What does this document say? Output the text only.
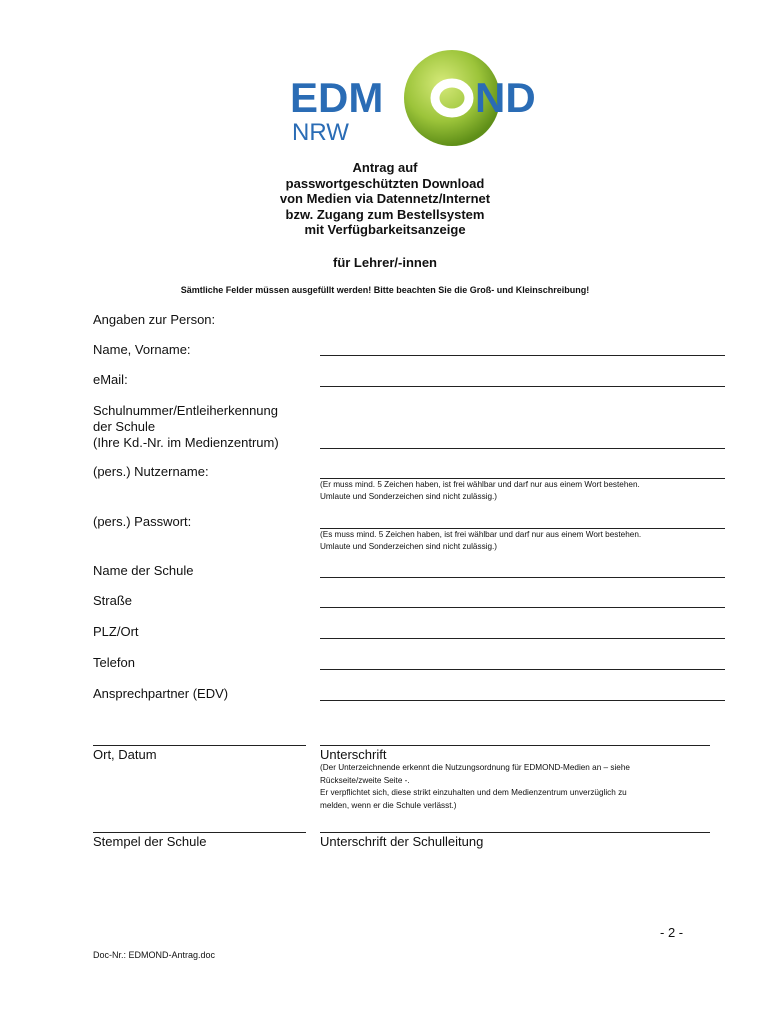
EDM ND
NRW
Antrag auf
passwortgeschützten Download
von Medien via Datennetz/Internet
bzw. Zugang zum Bestellsystem
mit Verfügbarkeitsanzeige
für Lehrer/-innen
Sämtliche Felder müssen ausgefüllt werden! Bitte beachten Sie die Groß- und Kleinschreibung!
Angaben zur Person:
Name, Vorname:
eMail:
Schulnummer/Entleiherkennung
der Schule
(Ihre Kd.-Nr. im Medienzentrum)
(pers.) Nutzername:
(Er muss mind. 5 Zeichen haben, ist frei wählbar und darf nur aus einem Wort bestehen.
Umlaute und Sonderzeichen sind nicht zulässig.)
(pers.) Passwort:
(Es muss mind. 5 Zeichen haben, ist frei wählbar und darf nur aus einem Wort bestehen.
Umlaute und Sonderzeichen sind nicht zulässig.)
Name der Schule
Straße
PLZ/Ort
Telefon
Ansprechpartner (EDV)
Ort, Datum	Unterschrift
(Der Unterzeichnende erkennt die Nutzungsordnung für EDMOND-Medien an – siehe
Rückseite/zweite Seite -.
Er verpflichtet sich, diese strikt einzuhalten und dem Medienzentrum unverzüglich zu
melden, wenn er die Schule verlässt.)
Stempel der Schule	Unterschrift der Schulleitung
- 2 -
Doc-Nr.: EDMOND-Antrag.doc
